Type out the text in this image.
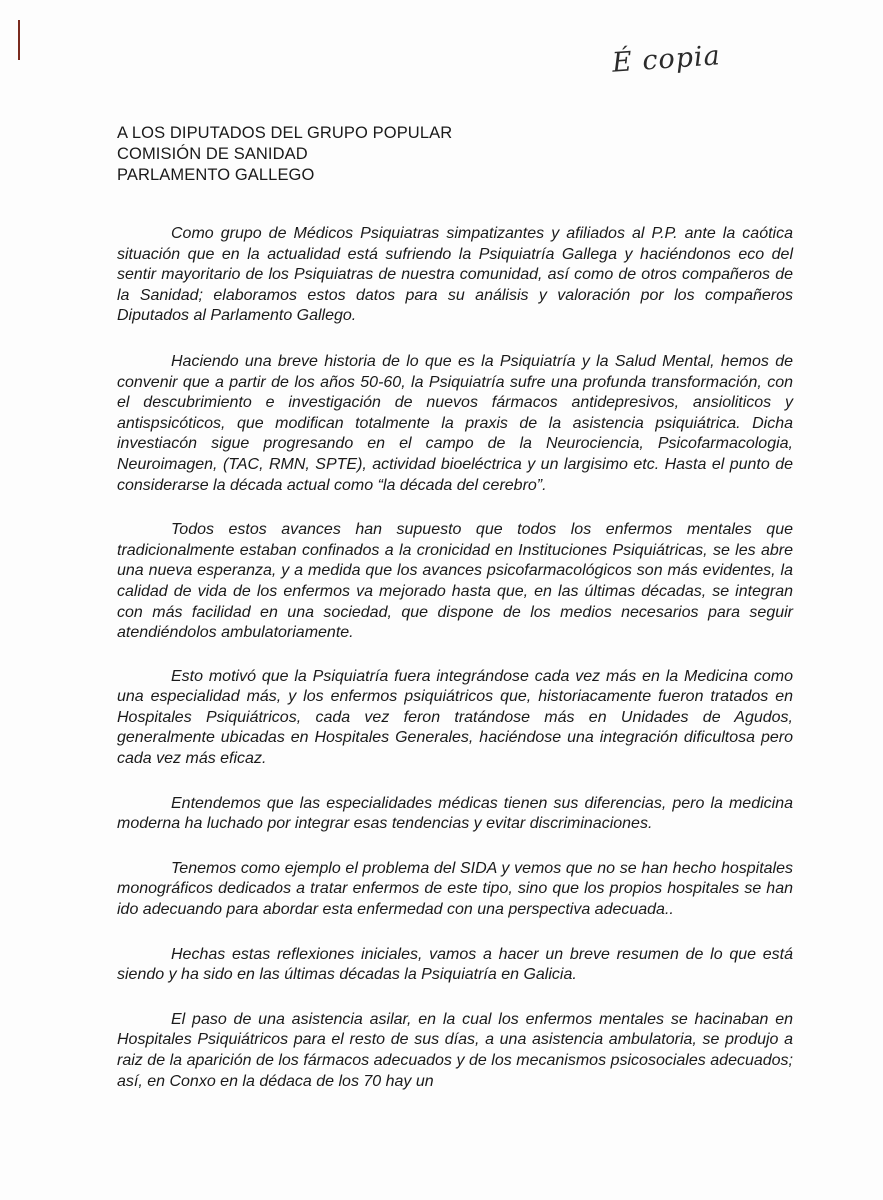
É copia
A LOS DIPUTADOS DEL GRUPO POPULAR
COMISIÓN DE SANIDAD
PARLAMENTO GALLEGO

Como grupo de Médicos Psiquiatras simpatizantes y afiliados al P.P. ante la caótica situación que en la actualidad está sufriendo la Psiquiatría Gallega y haciéndonos eco del sentir mayoritario de los Psiquiatras de nuestra comunidad, así como de otros compañeros de la Sanidad; elaboramos estos datos para su análisis y valoración por los compañeros Diputados al Parlamento Gallego.

Haciendo una breve historia de lo que es la Psiquiatría y la Salud Mental, hemos de convenir que a partir de los años 50-60, la Psiquiatría sufre una profunda transformación, con el descubrimiento e investigación de nuevos fármacos antidepresivos, ansioliticos y antispsicóticos, que modifican totalmente la praxis de la asistencia psiquiátrica. Dicha investiacón sigue progresando en el campo de la Neurociencia, Psicofarmacologia, Neuroimagen, (TAC, RMN, SPTE), actividad bioeléctrica y un largisimo etc. Hasta el punto de considerarse la década actual como “la década del cerebro”.

Todos estos avances han supuesto que todos los enfermos mentales que tradicionalmente estaban confinados a la cronicidad en Instituciones Psiquiátricas, se les abre una nueva esperanza, y a medida que los avances psicofarmacológicos son más evidentes, la calidad de vida de los enfermos va mejorado hasta que, en las últimas décadas, se integran con más facilidad en una sociedad, que dispone de los medios necesarios para seguir atendiéndolos ambulatoriamente.

Esto motivó que la Psiquiatría fuera integrándose cada vez más en la Medicina como una especialidad más, y los enfermos psiquiátricos que, historiacamente fueron tratados en Hospitales Psiquiátricos, cada vez feron tratándose más en Unidades de Agudos, generalmente ubicadas en Hospitales Generales, haciéndose una integración dificultosa pero cada vez más eficaz.

Entendemos que las especialidades médicas tienen sus diferencias, pero la medicina moderna ha luchado por integrar esas tendencias y evitar discriminaciones.

Tenemos como ejemplo el problema del SIDA y vemos que no se han hecho hospitales monográficos dedicados a tratar enfermos de este tipo, sino que los propios hospitales se han ido adecuando para abordar esta enfermedad con una perspectiva adecuada..

Hechas estas reflexiones iniciales, vamos a hacer un breve resumen de lo que está siendo y ha sido en las últimas décadas la Psiquiatría en Galicia.

El paso de una asistencia asilar, en la cual los enfermos mentales se hacinaban en Hospitales Psiquiátricos para el resto de sus días, a una asistencia ambulatoria, se produjo a raiz de la aparición de los fármacos adecuados y de los mecanismos psicosociales adecuados; así, en Conxo en la dédaca de los 70 hay un
